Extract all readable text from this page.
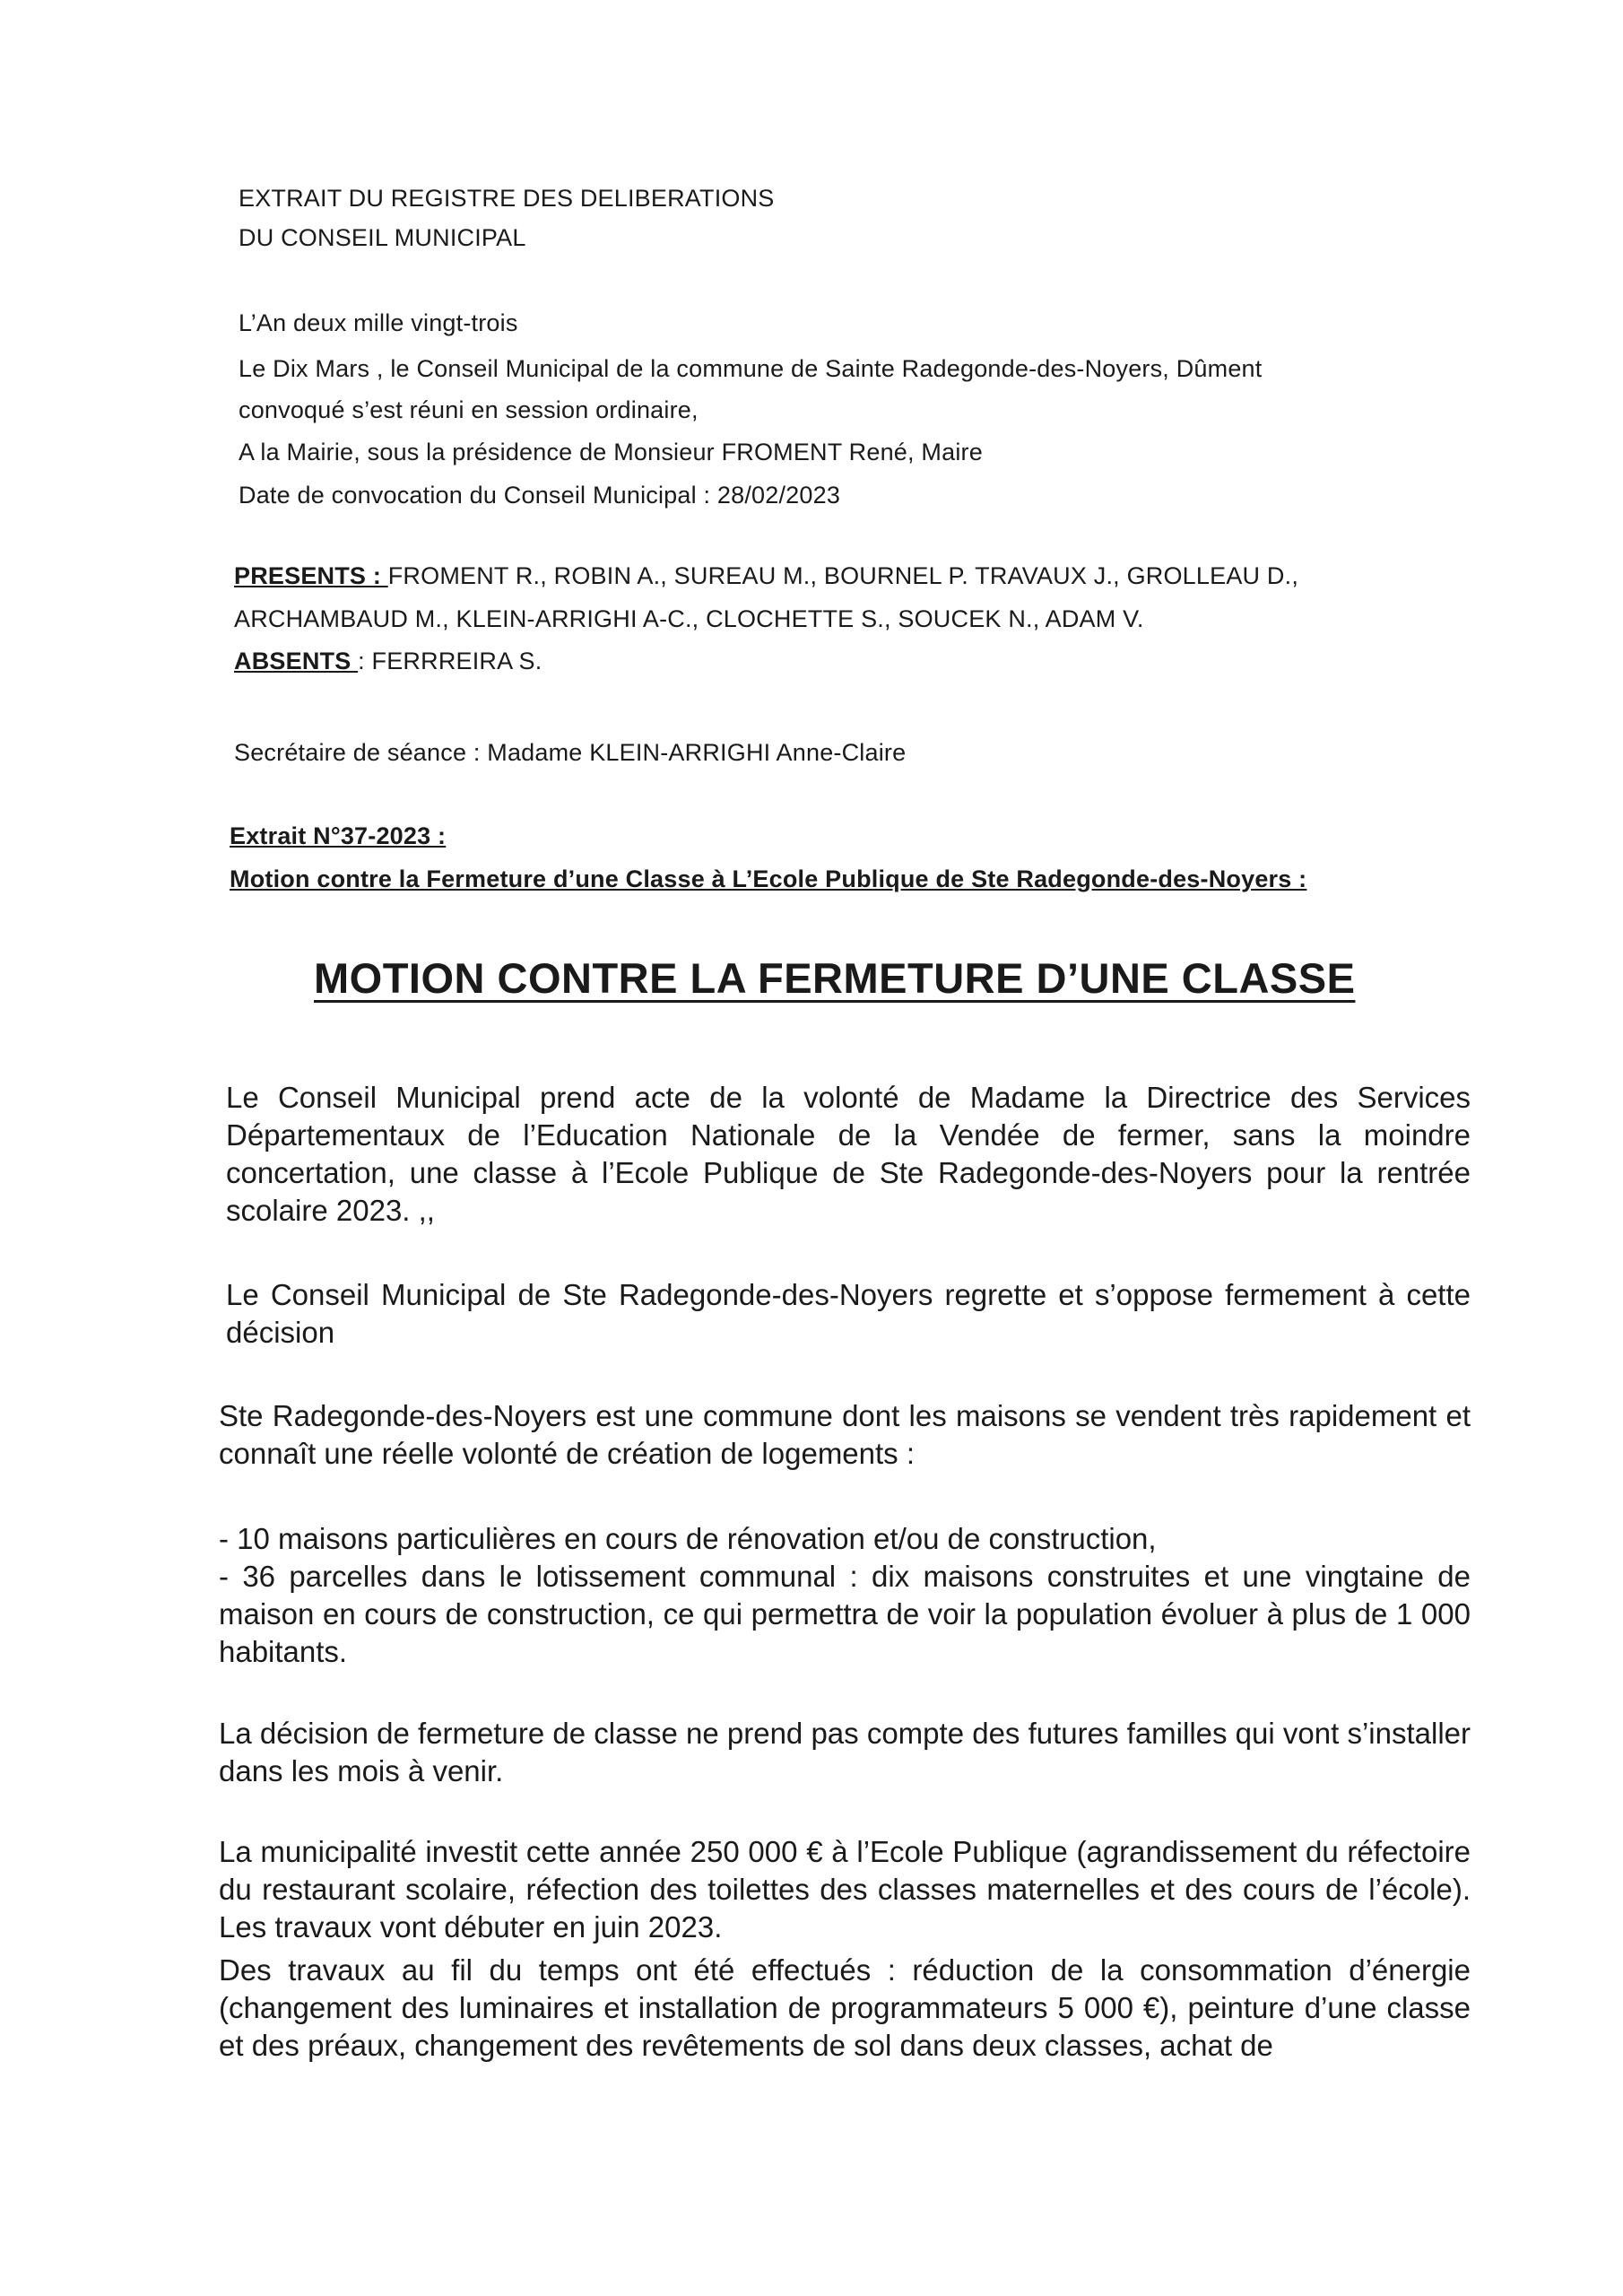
EXTRAIT DU REGISTRE DES DELIBERATIONS
DU CONSEIL MUNICIPAL
L’An deux mille vingt-trois
Le Dix Mars , le Conseil Municipal de la commune de Sainte Radegonde-des-Noyers, Dûment
convoqué s’est réuni en session ordinaire,
A la Mairie, sous la présidence de Monsieur FROMENT René, Maire
Date de convocation du Conseil Municipal : 28/02/2023
PRESENTS : FROMENT R., ROBIN A., SUREAU M., BOURNEL P. TRAVAUX J., GROLLEAU D.,
ARCHAMBAUD M., KLEIN-ARRIGHI A-C., CLOCHETTE S., SOUCEK N., ADAM V.
ABSENTS : FERRREIRA S.
Secrétaire de séance : Madame KLEIN-ARRIGHI Anne-Claire
Extrait N°37-2023 :
Motion contre la Fermeture d’une Classe à L’Ecole Publique de Ste Radegonde-des-Noyers :
MOTION CONTRE LA FERMETURE D’UNE CLASSE
Le Conseil Municipal prend acte de la volonté de Madame la Directrice des Services Départementaux de l’Education Nationale de la Vendée de fermer, sans la moindre concertation, une classe à l’Ecole Publique de Ste Radegonde-des-Noyers pour la rentrée scolaire 2023. ,,
Le Conseil Municipal de Ste Radegonde-des-Noyers regrette et s’oppose fermement à cette décision
Ste Radegonde-des-Noyers est une commune dont les maisons se vendent très rapidement et connaît une réelle volonté de création de logements :
- 10 maisons particulières en cours de rénovation et/ou de construction,
- 36 parcelles dans le lotissement communal : dix maisons construites et une vingtaine de maison en cours de construction, ce qui permettra de voir la population évoluer à plus de 1 000 habitants.
La décision de fermeture de classe ne prend pas compte des futures familles qui vont s’installer dans les mois à venir.
La municipalité investit cette année 250 000 € à l’Ecole Publique (agrandissement du réfectoire du restaurant scolaire, réfection des toilettes des classes maternelles et des cours de l’école). Les travaux vont débuter en juin 2023.
Des travaux au fil du temps ont été effectués : réduction de la consommation d’énergie (changement des luminaires et installation de programmateurs 5 000 €), peinture d’une classe et des préaux, changement des revêtements de sol dans deux classes, achat de
